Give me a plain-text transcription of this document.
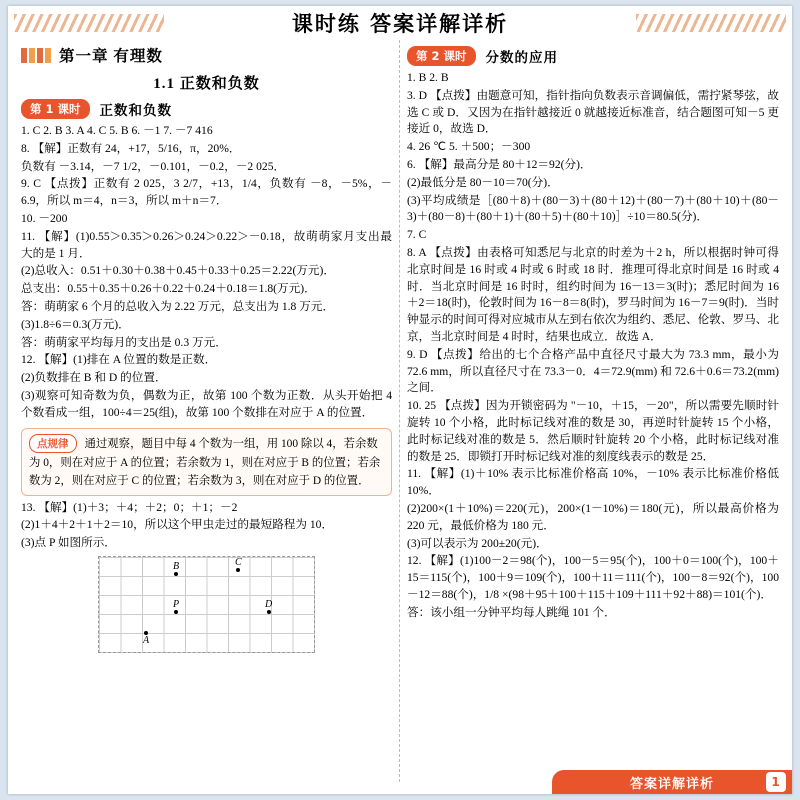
课时练 答案详解详析
第一章 有理数
1.1 正数和负数
第 1 课时	正数和负数

1. C 2. B 3. A 4. C 5. B 6. －1 7. －7 416

8. 【解】正数有 24，+17，5/16，π，20%．

负数有 －3.14，－7 1/2，－0.101，－0.2，－2 025．

9. C 【点拨】正数有 2 025，3 2/7，+13，1/4，负数有 －8，－5%，－6.9，所以 m＝4，n＝3，所以 m＋n＝7．

10. －200

11. 【解】(1)0.55＞0.35＞0.26＞0.24＞0.22＞－0.18，故萌萌家月支出最大的是 1 月．

(2)总收入：0.51＋0.30＋0.38＋0.45＋0.33＋0.25＝2.22(万元)．

总支出：0.55＋0.35＋0.26＋0.22＋0.24＋0.18＝1.8(万元)．

答：萌萌家 6 个月的总收入为 2.22 万元，总支出为 1.8 万元．

(3)1.8÷6＝0.3(万元)．

答：萌萌家平均每月的支出是 0.3 万元．

12. 【解】(1)排在 A 位置的数是正数．

(2)负数排在 B 和 D 的位置．

(3)观察可知奇数为负，偶数为正，故第 100 个数为正数．从头开始把 4 个数看成一组，100÷4＝25(组)，故第 100 个数排在对应于 A 的位置．

点规律 通过观察，题目中每 4 个数为一组，用 100 除以 4，若余数为 0，则在对应于 A 的位置；若余数为 1，则在对应于 B 的位置；若余数为 2，则在对应于 C 的位置；若余数为 3，则在对应于 D 的位置．

13. 【解】(1)＋3；＋4；＋2；0；＋1；－2

(2)1＋4＋2＋1＋2＝10，所以这个甲虫走过的最短路程为 10．

(3)点 P 如图所示．

B	C
P	D
A
第 2 课时	分数的应用

1. B 2. B

3. D 【点拨】由题意可知，指针指向负数表示音调偏低，需拧紧琴弦，故选 C 或 D．又因为在指针越接近 0 就越接近标准音，结合题图可知－5 更接近 0，故选 D．

4. 26 ℃ 5. ＋500；－300

6. 【解】最高分是 80＋12＝92(分)．

(2)最低分是 80－10＝70(分)．

(3)平均成绩是［(80＋8)＋(80－3)＋(80＋12)＋(80－7)＋(80＋10)＋(80－3)＋(80－8)＋(80＋1)＋(80＋5)＋(80＋10)］÷10＝80.5(分)．

7. C

8. A 【点拨】由表格可知悉尼与北京的时差为＋2 h，所以根据时钟可得北京时间是 16 时或 4 时或 6 时或 18 时．推理可得北京时间是 16 时或 4 时．当北京时间是 16 时时，组约时间为 16－13＝3(时)；悉尼时间为 16＋2＝18(时)，伦敦时间为 16－8＝8(时)，罗马时间为 16－7＝9(时)．当时钟显示的时间可得对应城市从左到右依次为组约、悉尼、伦敦、罗马、北京，当北京时间是 4 时时，结果也成立．故选 A．

9. D 【点拨】给出的七个合格产品中直径尺寸最大为 73.3 mm，最小为 72.6 mm，所以直径尺寸在 73.3－0．4＝72.9(mm) 和 72.6＋0.6＝73.2(mm) 之间．

10. 25 【点拨】因为开锁密码为 "－10，＋15，－20"，所以需要先顺时针旋转 10 个小格，此时标记线对准的数是 30，再逆时针旋转 15 个小格，此时标记线对准的数是 5．然后顺时针旋转 20 个小格，此时标记线对准的数是 25．即锁打开时标记线对准的刻度线表示的数是 25．

11. 【解】(1)＋10% 表示比标准价格高 10%，－10% 表示比标准价格低 10%．

(2)200×(1＋10%)＝220(元)，200×(1－10%)＝180(元)，所以最高价格为 220 元，最低价格为 180 元．

(3)可以表示为 200±20(元)．

12. 【解】(1)100－2＝98(个)，100－5＝95(个)，100＋0＝100(个)，100＋15＝115(个)，100＋9＝109(个)，100＋11＝111(个)，100－8＝92(个)，100－12＝88(个)，1/8 ×(98＋95＋100＋115＋109＋111＋92＋88)＝101(个)．

答：该小组一分钟平均每人跳绳 101 个．

答案详解详析	1
